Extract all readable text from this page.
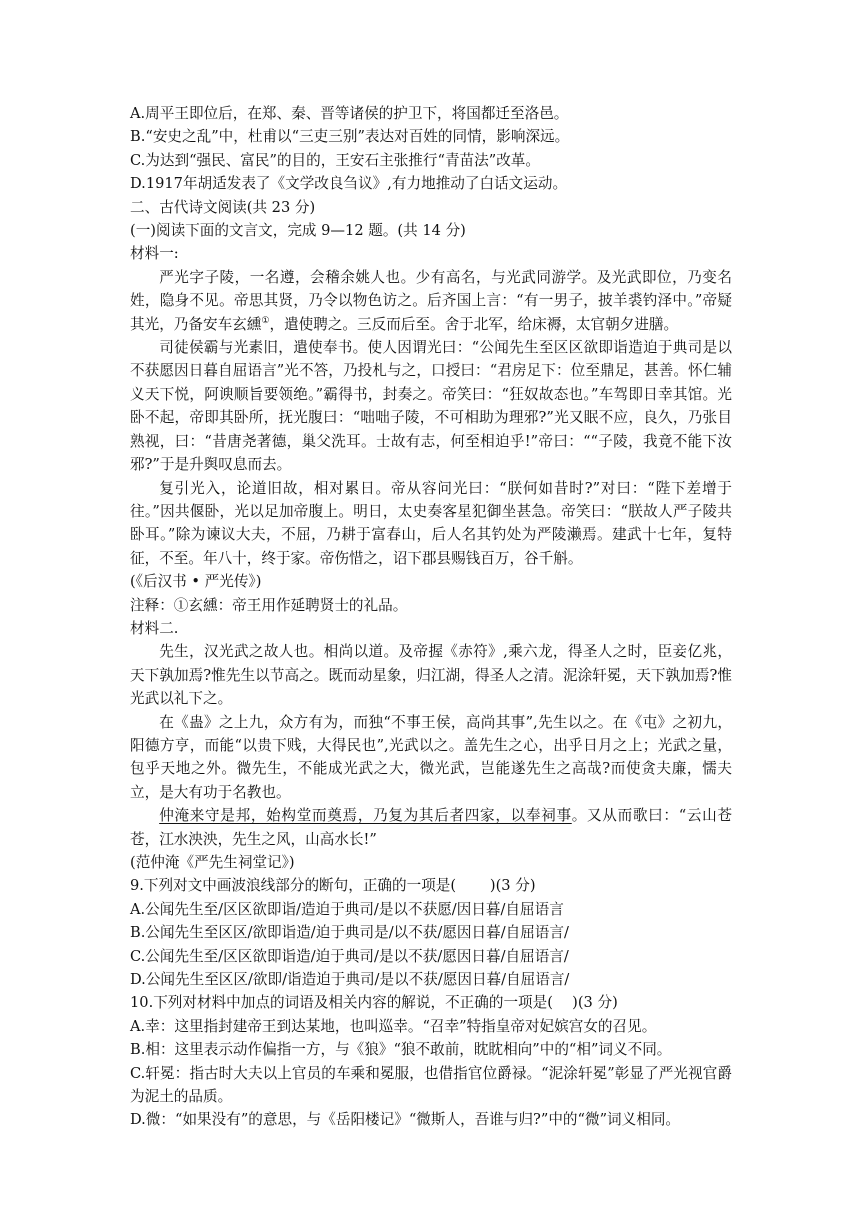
A.周平王即位后，在郑、秦、晋等诸侯的护卫下，将国都迁至洛邑。
B.“安史之乱”中，杜甫以“三吏三别”表达对百姓的同情，影响深远。
C.为达到“强民、富民”的目的，王安石主张推行“青苗法”改革。
D.1917年胡适发表了《文学改良刍议》,有力地推动了白话文运动。
二、古代诗文阅读(共 23 分)
(一)阅读下面的文言文，完成 9—12 题。(共 14 分)
材料一:
严光字子陵，一名遵，会稽余姚人也。少有高名，与光武同游学。及光武即位，乃变名姓，隐身不见。帝思其贤，乃令以物色访之。后齐国上言：“有一男子，披羊裘钓泽中。”帝疑其光，乃备安车玄纁①，遣使聘之。三反而后至。舍于北军，给床褥，太官朝夕进膳。
司徒侯霸与光素旧，遣使奉书。使人因谓光曰：“公闻先生至区区欲即诣造迫于典司是以不获愿因日暮自屈语言”光不答，乃投札与之，口授曰：“君房足下：位至鼎足，甚善。怀仁辅义天下悦，阿谀顺旨要领绝。”霸得书，封奏之。帝笑曰：“狂奴故态也。”车驾即日幸其馆。光卧不起，帝即其卧所，抚光腹曰：“咄咄子陵，不可相助为理邪?”光又眠不应，良久，乃张目熟视，曰：“昔唐尧著德，巢父洗耳。士故有志，何至相迫乎!”帝曰：““子陵，我竟不能下汝邪?”于是升舆叹息而去。
复引光入，论道旧故，相对累日。帝从容问光曰：“朕何如昔时?”对曰：“陛下差增于往。”因共偃卧，光以足加帝腹上。明日，太史奏客星犯御坐甚急。帝笑曰：“朕故人严子陵共卧耳。”除为谏议大夫，不屈，乃耕于富春山，后人名其钓处为严陵濑焉。建武十七年，复特征，不至。年八十，终于家。帝伤惜之，诏下郡县赐钱百万，谷千斛。
(《后汉书 • 严光传》)
注释：①玄纁：帝王用作延聘贤士的礼品。
材料二.
先生，汉光武之故人也。相尚以道。及帝握《赤符》,乘六龙，得圣人之时，臣妾亿兆，天下孰加焉?惟先生以节高之。既而动星象，归江湖，得圣人之清。泥涂轩冕，天下孰加焉?惟光武以礼下之。
在《蛊》之上九，众方有为，而独“不事王侯，高尚其事”,先生以之。在《屯》之初九，阳德方亨，而能“以贵下贱，大得民也”,光武以之。盖先生之心，出乎日月之上；光武之量，包乎天地之外。微先生，不能成光武之大，微光武，岂能遂先生之高哉?而使贪夫廉，懦夫立，是大有功于名教也。
仲淹来守是邦，始构堂而奠焉，乃复为其后者四家，以奉祠事。又从而歌曰：“云山苍苍，江水泱泱，先生之风，山高水长!”
(范仲淹《严先生祠堂记》)
9.下列对文中画波浪线部分的断句，正确的一项是(　　 )(3 分)
A.公闻先生至/区区欲即诣/造迫于典司/是以不获愿/因日暮/自屈语言
B.公闻先生至区区/欲即诣造/迫于典司是/以不获/愿因日暮/自屈语言/
C.公闻先生至/区区欲即诣造/迫于典司/是以不获/愿因日暮/自屈语言/
D.公闻先生至区区/欲即/诣造迫于典司/是以不获/愿因日暮/自屈语言/
10.下列对材料中加点的词语及相关内容的解说，不正确的一项是(　 )(3 分)
A.幸：这里指封建帝王到达某地，也叫巡幸。“召幸”特指皇帝对妃嫔宫女的召见。
B.相：这里表示动作偏指一方，与《狼》“狼不敢前，眈眈相向”中的“相”词义不同。
C.轩冕：指古时大夫以上官员的车乘和冕服，也借指官位爵禄。“泥涂轩冕”彰显了严光视官爵为泥土的品质。
D.微：“如果没有”的意思，与《岳阳楼记》“微斯人，吾谁与归?”中的“微”词义相同。
